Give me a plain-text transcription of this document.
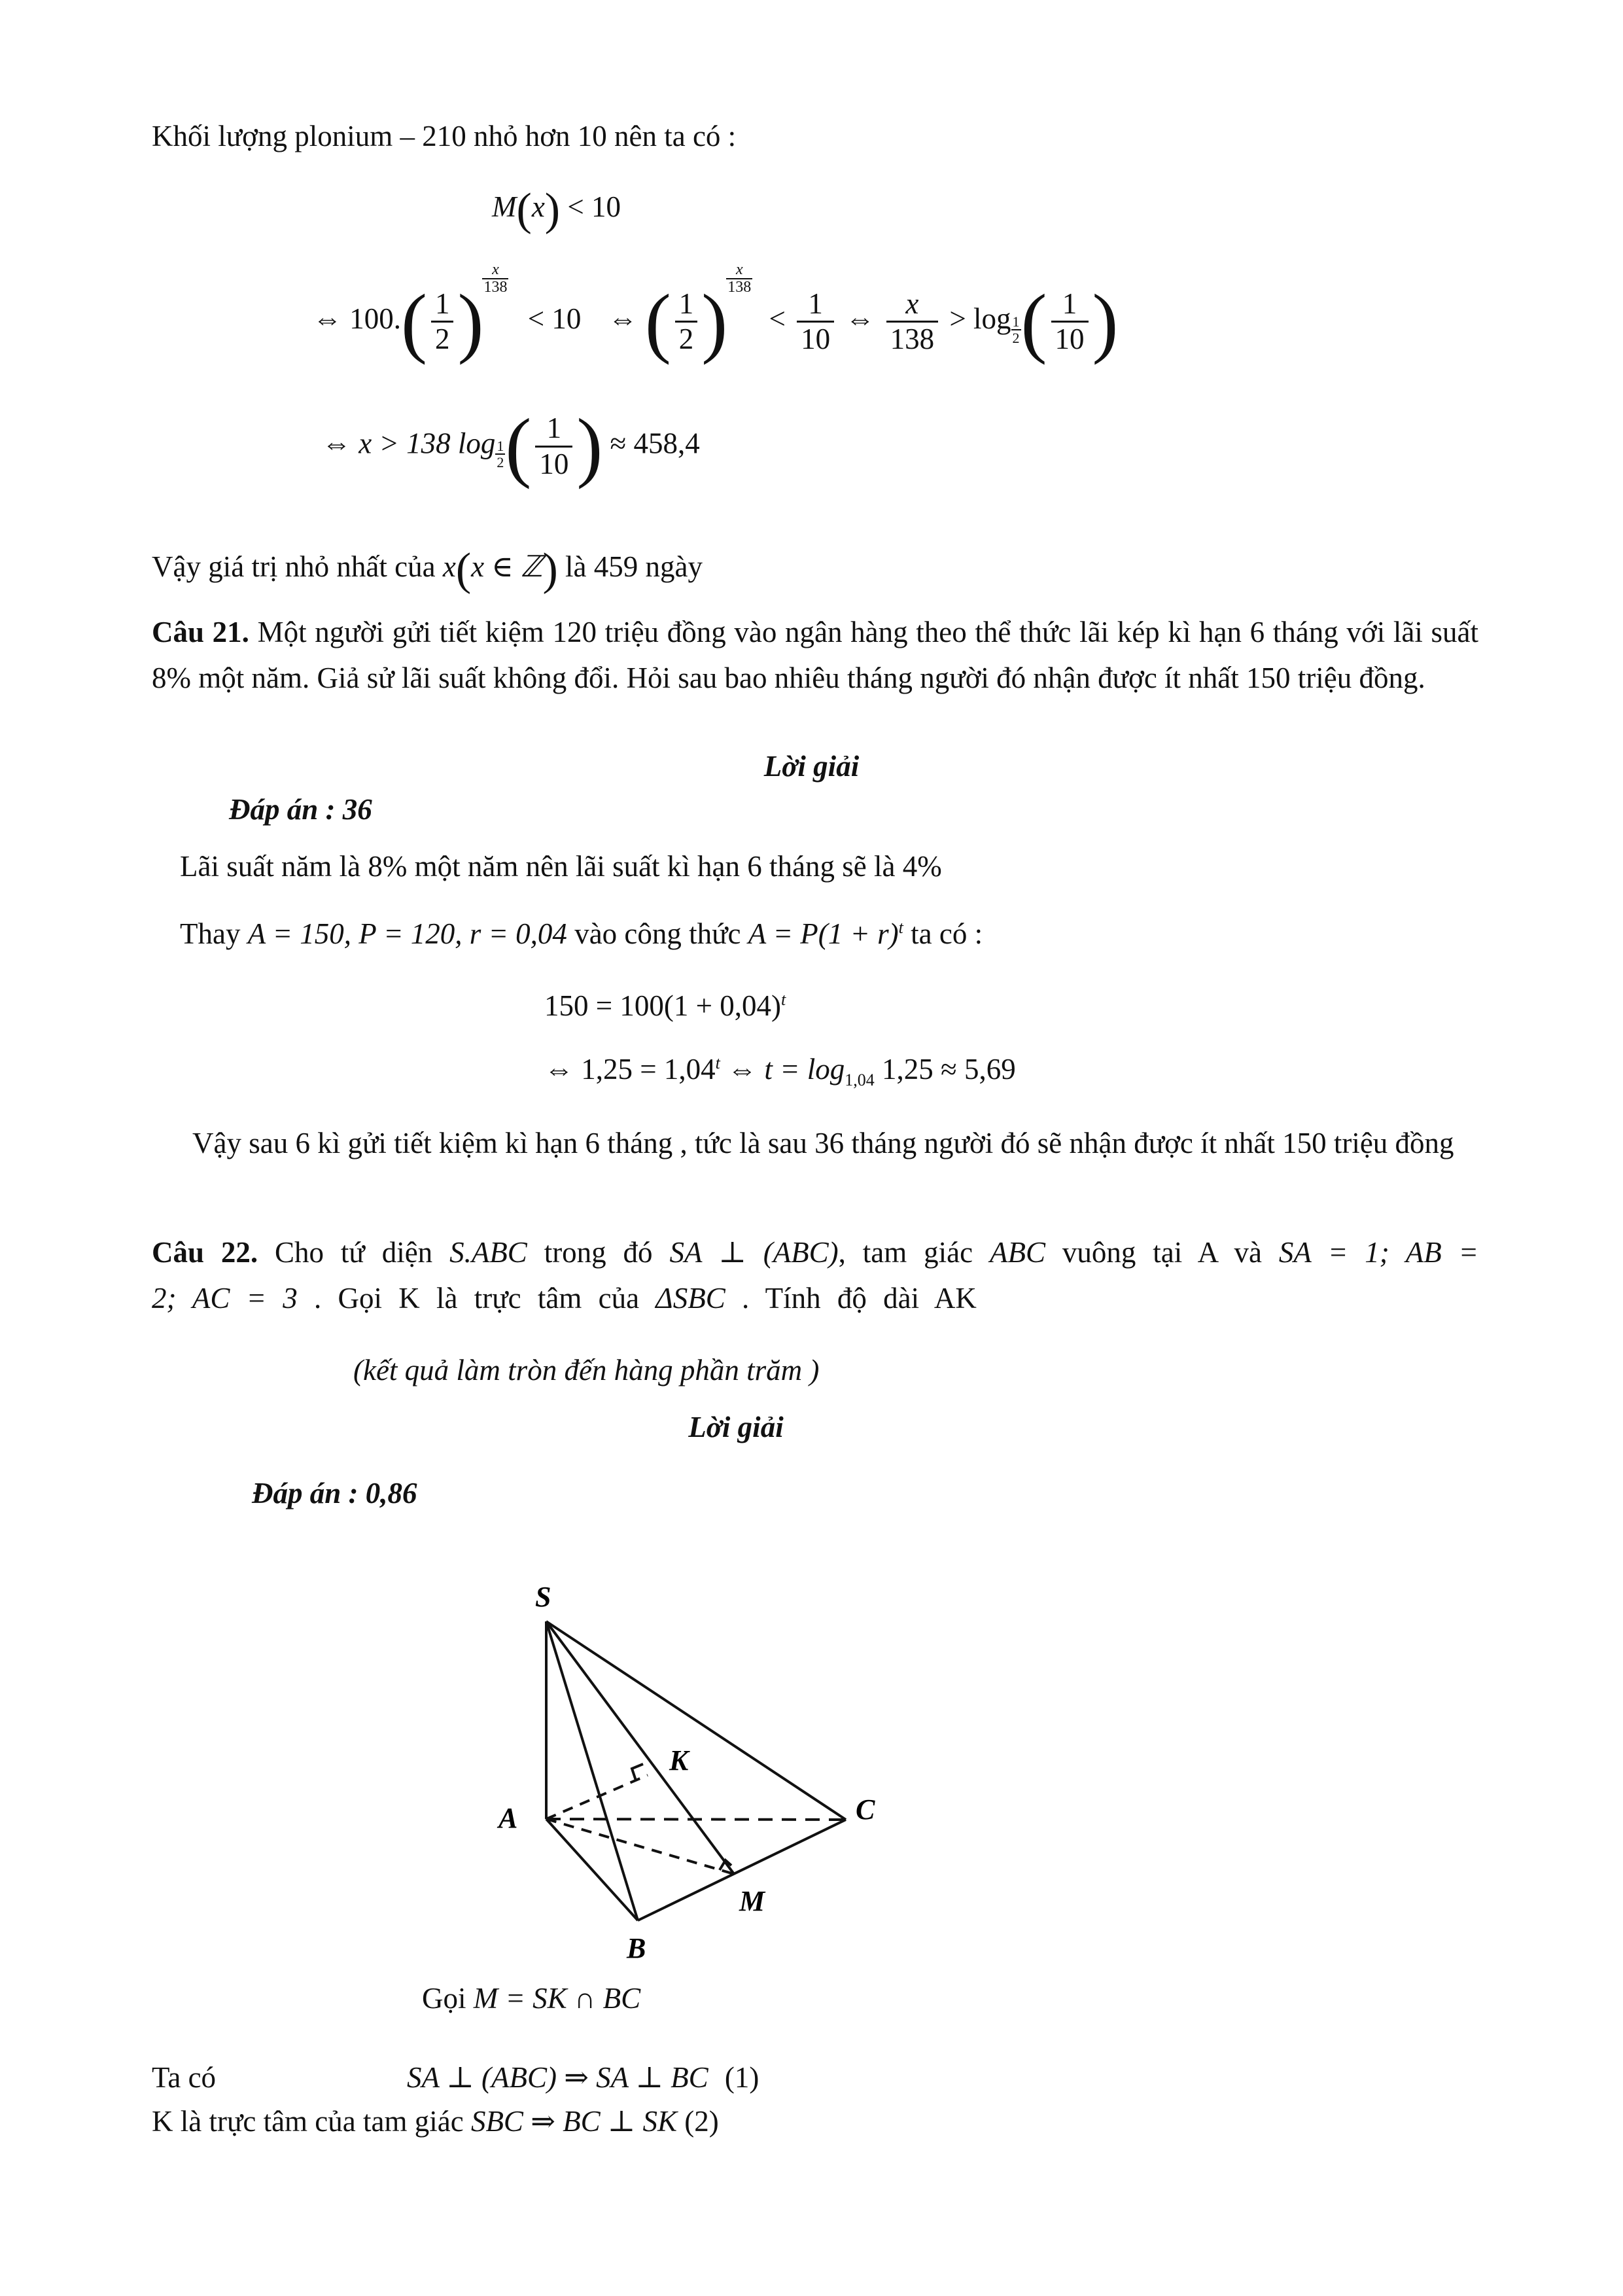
Khối lượng plonium – 210 nhỏ hơn 10 nên ta có :
M(x) < 10
⇔ $100.( \frac{1}{2}$ )
$\frac{x}{138}$
< 10 ⇔ ( $\frac{1}{2}$ )
$\frac{x}{138}$
< $\frac{1}{10}$ ⇔ $\frac{x}{138} > \log \frac{1}{2}$ ( $\frac{1}{10}$ )
⇔ x > 138 $\log \frac{1}{2}$ ( $\frac{1}{10}$ ) ≈ 458,4
Vậy giá trị nhỏ nhất của x(x ∈ ℤ) là 459 ngày
Câu 21. Một người gửi tiết kiệm 120 triệu đồng vào ngân hàng theo thể thức lãi kép kì hạn 6 tháng với lãi suất 8% một năm. Giả sử lãi suất không đổi. Hỏi sau bao nhiêu tháng người đó nhận được ít nhất 150 triệu đồng.
Lời giải
Đáp án : 36
Lãi suất năm là 8% một năm nên lãi suất kì hạn 6 tháng sẽ là 4%
Thay A = 150, P = 120, r = 0,04 vào công thức $A = P(1 + r)^t$ ta có :
$150 = 100(1 + 0,04)^t$
⇔ $1,25 = 1,04^t$ ⇔ $t = \log_{1,04} 1,25 \approx 5,69$
Vậy sau 6 kì gửi tiết kiệm kì hạn 6 tháng , tức là sau 36 tháng người đó sẽ nhận được ít nhất 150 triệu đồng
Câu 22. Cho tứ diện S.ABC trong đó SA ⊥ (ABC), tam giác ABC vuông tại A và SA = 1; AB = 2; AC = 3 . Gọi K là trực tâm của ΔSBC . Tính độ dài AK
(kết quả làm tròn đến hàng phần trăm )
Lời giải
Đáp án : 0,86
S
A
B
C
K
M
Gọi M = SK ∩ BC
Ta có	SA ⊥ (ABC) ⇒ SA ⊥ BC (1)
K là trực tâm của tam giác SBC ⇒ BC ⊥ SK (2)
